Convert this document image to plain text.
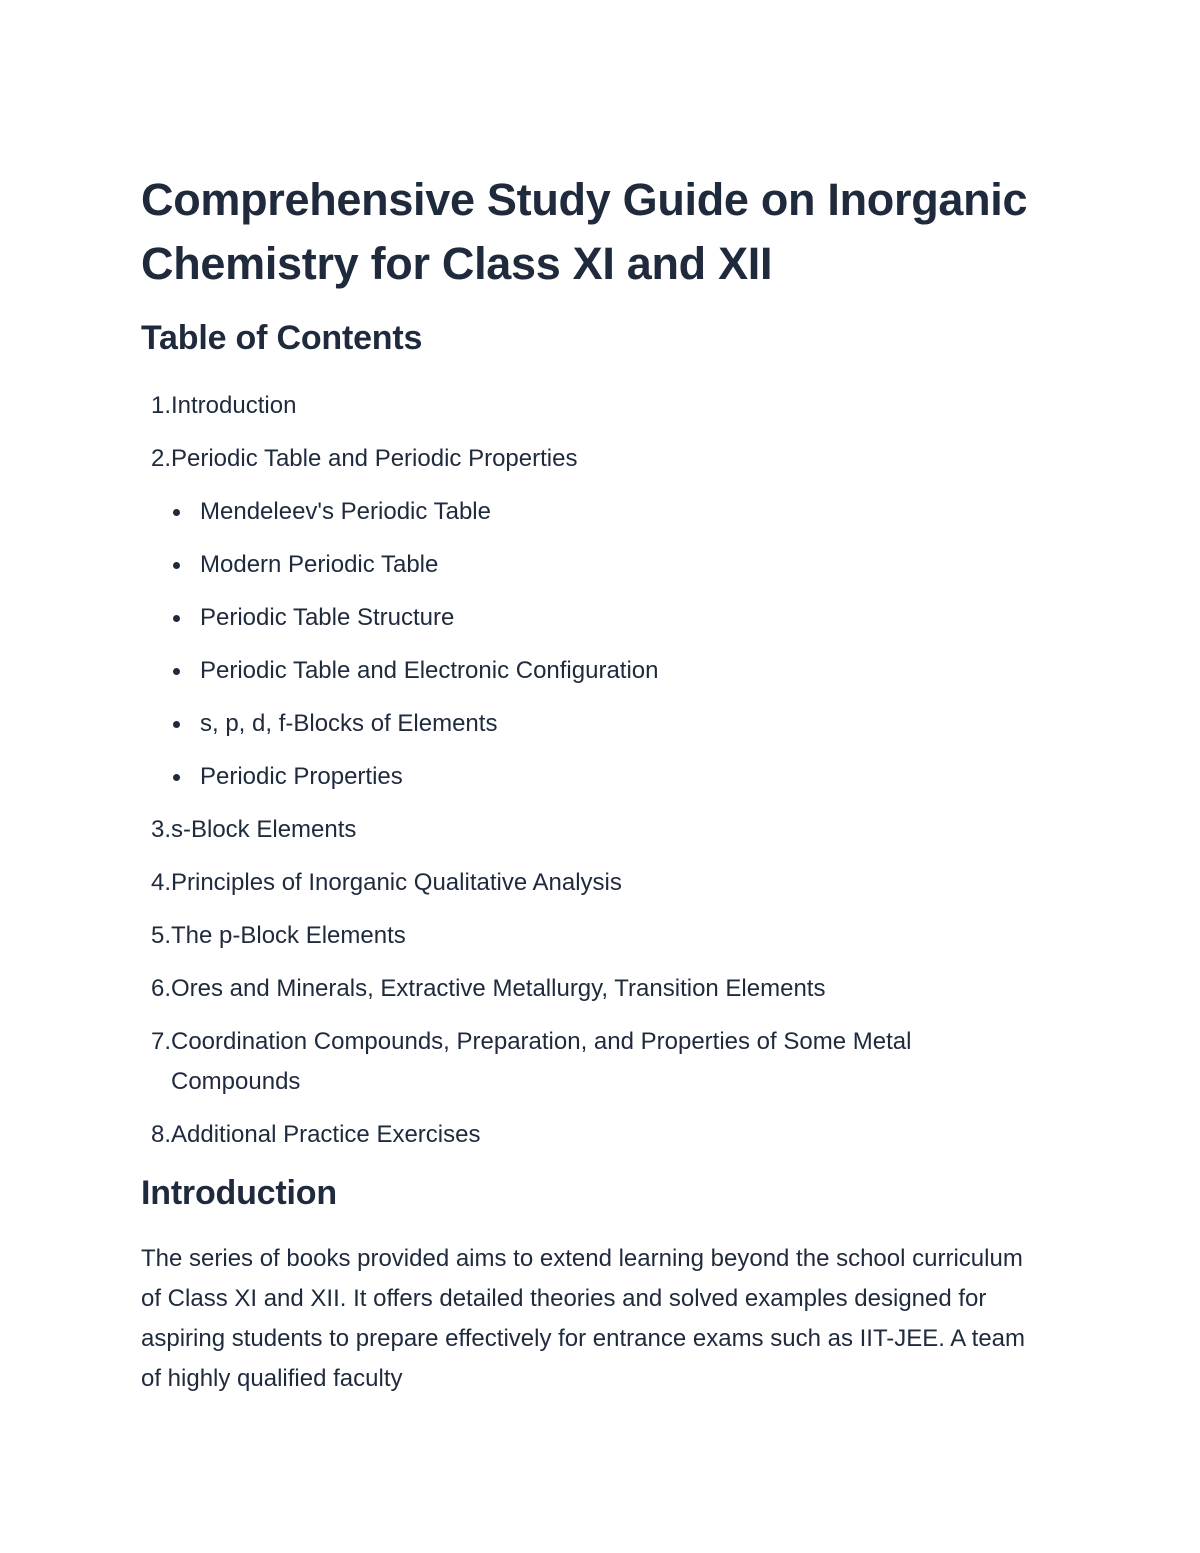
Comprehensive Study Guide on Inorganic Chemistry for Class XI and XII
Table of Contents
1. Introduction
2. Periodic Table and Periodic Properties
Mendeleev's Periodic Table
Modern Periodic Table
Periodic Table Structure
Periodic Table and Electronic Configuration
s, p, d, f-Blocks of Elements
Periodic Properties
3. s-Block Elements
4. Principles of Inorganic Qualitative Analysis
5. The p-Block Elements
6. Ores and Minerals, Extractive Metallurgy, Transition Elements
7. Coordination Compounds, Preparation, and Properties of Some Metal Compounds
8. Additional Practice Exercises
Introduction

The series of books provided aims to extend learning beyond the school curriculum of Class XI and XII. It offers detailed theories and solved examples designed for aspiring students to prepare effectively for entrance exams such as IIT-JEE. A team of highly qualified faculty
